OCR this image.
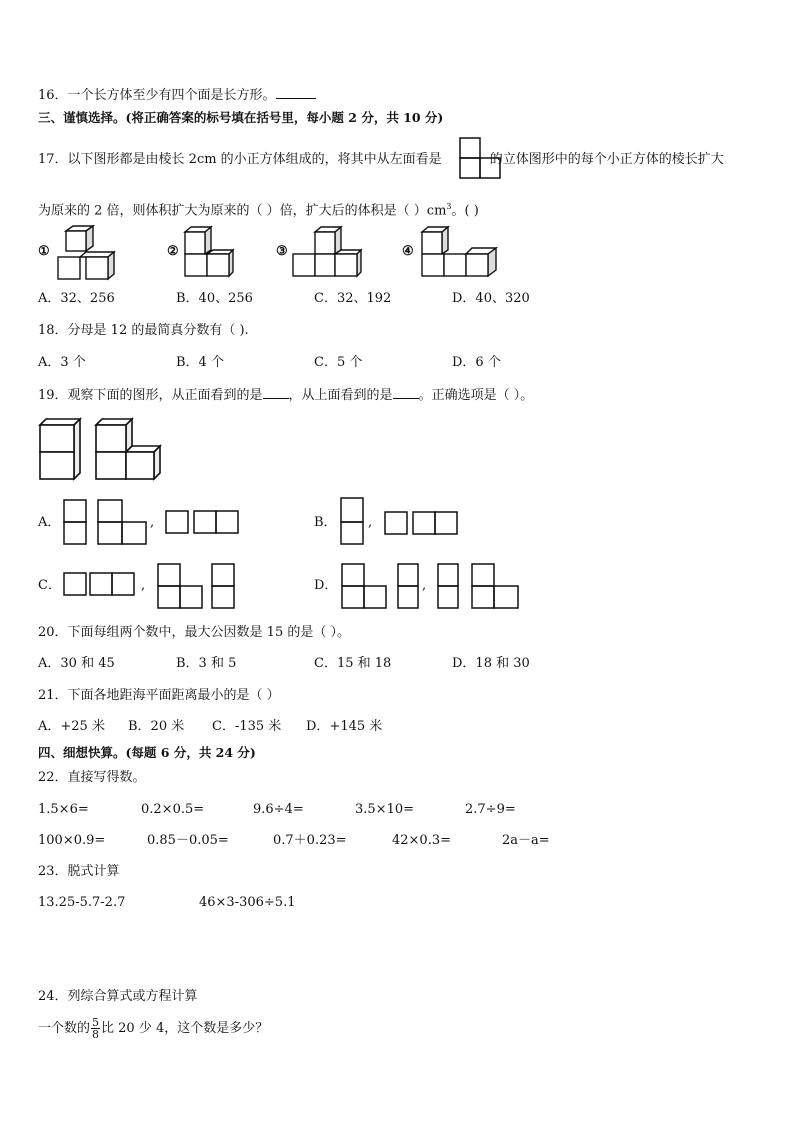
16．一个长方体至少有四个面是长方形。
三、谨慎选择。(将正确答案的标号填在括号里，每小题 2 分，共 10 分)
17．以下图形都是由棱长 2cm 的小正方体组成的，将其中从左面看是	的立体图形中的每个小正方体的棱长扩大
为原来的 2 倍，则体积扩大为原来的（ ）倍，扩大后的体积是（ ）$cm^3$。( )
①	②	③	④
A．32、256	B．40、256	C．32、192	D．40、320
18．分母是 12 的最简真分数有（ ).
A．3 个	B．4 个	C．5 个	D．6 个
19．观察下面的图形，从正面看到的是 ，从上面看到的是 。正确选项是（ ）。
A．	,	B． ,
C．	,	D．	,
20．下面每组两个数中，最大公因数是 15 的是（ ）。
A．30 和 45	B．3 和 5	C．15 和 18	D．18 和 30
21．下面各地距海平面距离最小的是（ ）
A．+25 米 B．20 米 C．-135 米 D．+145 米
四、细想快算。(每题 6 分，共 24 分)
22．直接写得数。
1.5×6=	0.2×0.5=	9.6÷4=	3.5×10=	2.7÷9=
100×0.9=	0.85－0.05=	0.7＋0.23=	42×0.3=	2a－a=
23．脱式计算
13.25-5.7-2.7	46×3-306÷5.1
24．列综合算式或方程计算
一个数的 $\frac{5}{8}$ 比 20 少 4，这个数是多少？
